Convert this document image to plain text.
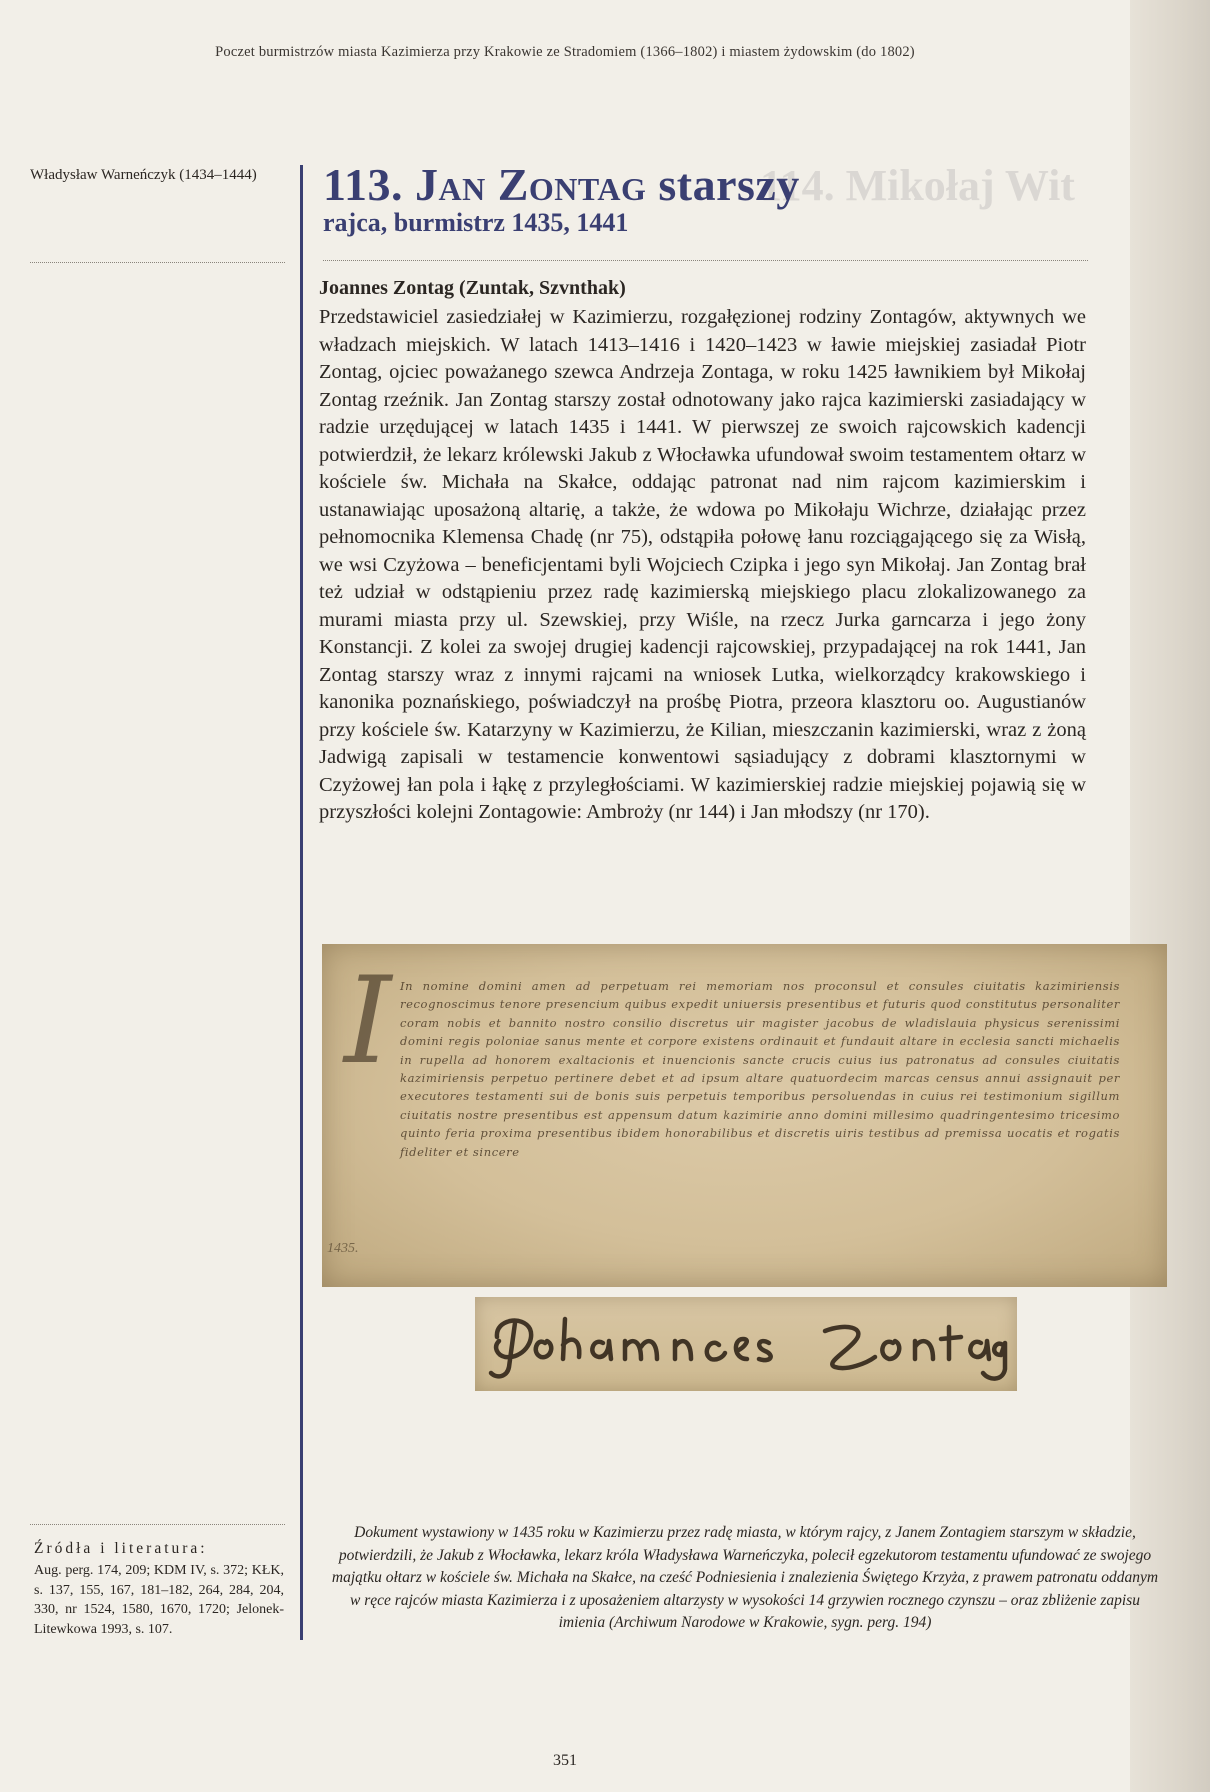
114. Mikołaj Wit
Poczet burmistrzów miasta Kazimierza przy Krakowie ze Stradomiem (1366–1802) i miastem żydowskim (do 1802)
Władysław Warneńczyk (1434–1444) 113. Jan Zontag starszy
rajca, burmistrz 1435, 1441
Joannes Zontag (Zuntak, Szvnthak)
Przedstawiciel zasiedziałej w Kazimierzu, rozgałęzionej rodziny Zontagów, aktywnych we władzach miejskich. W latach 1413–1416 i 1420–1423 w ławie miejskiej zasiadał Piotr Zontag, ojciec poważanego szewca Andrzeja Zontaga, w roku 1425 ławnikiem był Mikołaj Zontag rzeźnik. Jan Zontag starszy został odnotowany jako rajca kazimierski zasiadający w radzie urzędującej w latach 1435 i 1441. W pierwszej ze swoich rajcowskich kadencji potwierdził, że lekarz królewski Jakub z Włocławka ufundował swoim testamentem ołtarz w kościele św. Michała na Skałce, oddając patronat nad nim rajcom kazimierskim i ustanawiając uposażoną altarię, a także, że wdowa po Mikołaju Wichrze, działając przez pełnomocnika Klemensa Chadę (nr 75), odstąpiła połowę łanu rozciągającego się za Wisłą, we wsi Czyżowa – beneficjentami byli Wojciech Czipka i jego syn Mikołaj. Jan Zontag brał też udział w odstąpieniu przez radę kazimierską miejskiego placu zlokalizowanego za murami miasta przy ul. Szewskiej, przy Wiśle, na rzecz Jurka garncarza i jego żony Konstancji. Z kolei za swojej drugiej kadencji rajcowskiej, przypadającej na rok 1441, Jan Zontag starszy wraz z innymi rajcami na wniosek Lutka, wielkorządcy krakowskiego i kanonika poznańskiego, poświadczył na prośbę Piotra, przeora klasztoru oo. Augustianów przy kościele św. Katarzyny w Kazimierzu, że Kilian, mieszczanin kazimierski, wraz z żoną Jadwigą zapisali w testamencie konwentowi sąsiadujący z dobrami klasztornymi w Czyżowej łan pola i łąkę z przyległościami. W kazimierskiej radzie miejskiej pojawią się w przyszłości kolejni Zontagowie: Ambroży (nr 144) i Jan młodszy (nr 170).
I In nomine domini amen ad perpetuam rei memoriam nos proconsul et consules ciuitatis kazimiriensis recognoscimus tenore presencium quibus expedit uniuersis presentibus et futuris quod constitutus personaliter coram nobis et bannito nostro consilio discretus uir magister jacobus de wladislauia physicus serenissimi domini regis poloniae sanus mente et corpore existens ordinauit et fundauit altare in ecclesia sancti michaelis in rupella ad honorem exaltacionis et inuencionis sancte crucis cuius ius patronatus ad consules ciuitatis kazimiriensis perpetuo pertinere debet et ad ipsum altare quatuordecim marcas census annui assignauit per executores testamenti sui de bonis suis perpetuis temporibus persoluendas in cuius rei testimonium sigillum ciuitatis nostre presentibus est appensum datum kazimirie anno domini millesimo quadringentesimo tricesimo quinto feria proxima presentibus ibidem honorabilibus et discretis uiris testibus ad premissa uocatis et rogatis fideliter et sincere
1435.
Dokument wystawiony w 1435 roku w Kazimierzu przez radę miasta, w którym rajcy, z Janem Zontagiem starszym w składzie, potwierdzili, że Jakub z Włocławka, lekarz króla Władysława Warneńczyka, polecił egzekutorom testamentu ufundować ze swojego majątku ołtarz w kościele św. Michała na Skałce, na cześć Podniesienia i znalezienia Świętego Krzyża, z prawem patronatu oddanym w ręce rajców miasta Kazimierza i z uposażeniem altarzysty w wysokości 14 grzywien rocznego czynszu – oraz zbliżenie zapisu imienia (Archiwum Narodowe w Krakowie, sygn. perg. 194)
Źródła i literatura:
Aug. perg. 174, 209; KDM IV, s. 372; KŁK, s. 137, 155, 167, 181–182, 264, 284, 204, 330, nr 1524, 1580, 1670, 1720; Jelonek-Litewkowa 1993, s. 107.
351
